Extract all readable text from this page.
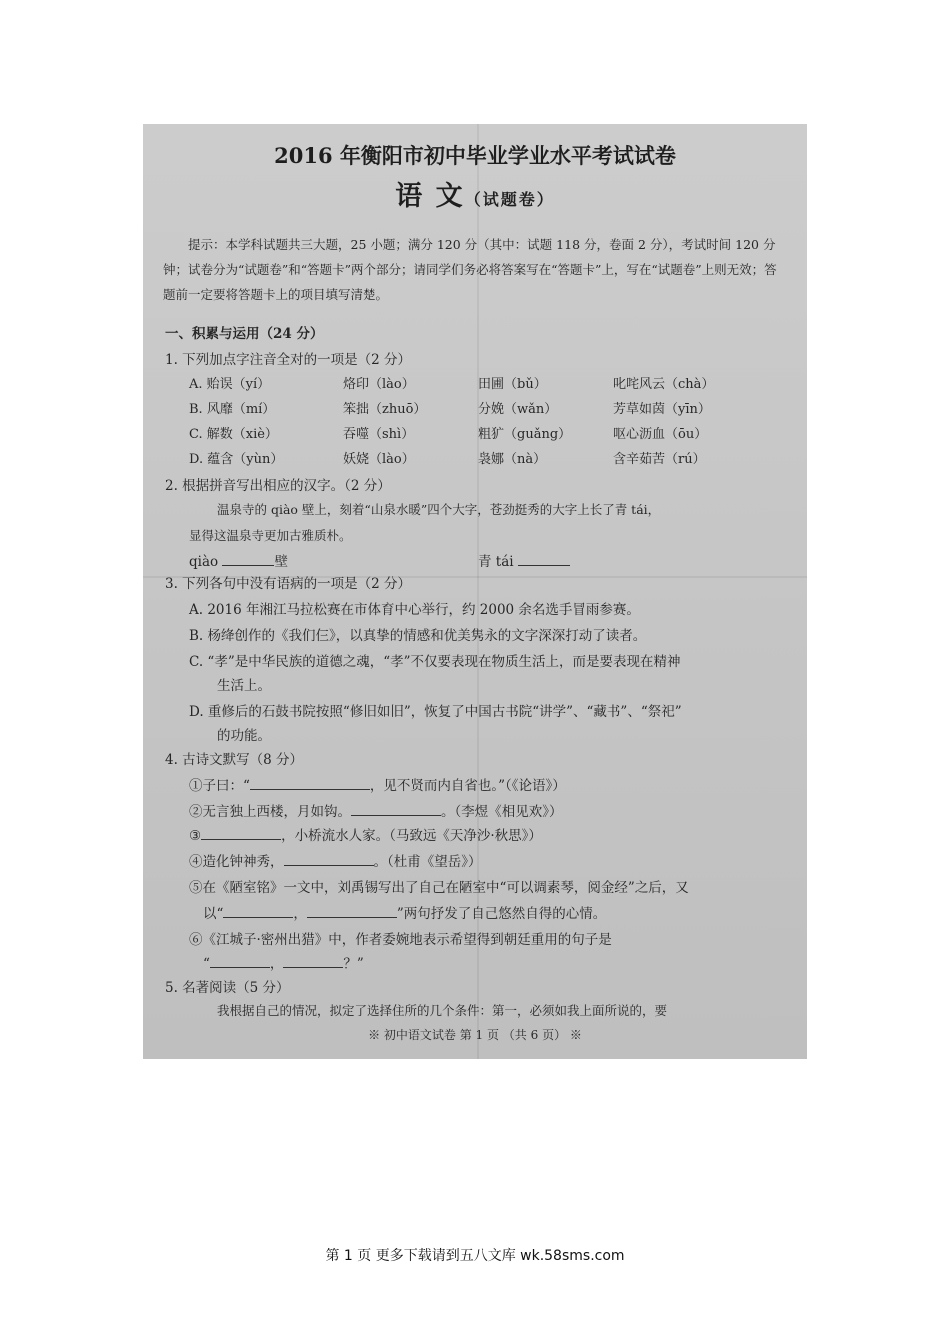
2016 年衡阳市初中毕业学业水平考试试卷
语 文（试题卷）
提示：本学科试题共三大题，25 小题；满分 120 分（其中：试题 118 分，卷面 2 分），考试时间 120 分钟；试卷分为“试题卷”和“答题卡”两个部分；请同学们务必将答案写在“答题卡”上，写在“试题卷”上则无效；答题前一定要将答题卡上的项目填写清楚。
一、积累与运用（24 分）
1. 下列加点字注音全对的一项是（2 分）
A. 贻误（yí）	烙印（lào）	田圃（bǔ）	叱咤风云（chà）
B. 风靡（mí）	笨拙（zhuō）	分娩（wǎn）	芳草如茵（yīn）
C. 解数（xiè）	吞噬（shì）	粗犷（guǎng）	呕心沥血（ōu）
D. 蕴含（yùn）	妖娆（lào）	袅娜（nà）	含辛茹苦（rú）
2. 根据拼音写出相应的汉字。（2 分）
温泉寺的 qiào 壁上，刻着“山泉水暖”四个大字，苍劲挺秀的大字上长了青 tái，
显得这温泉寺更加古雅质朴。
qiào	壁	青 tái
3. 下列各句中没有语病的一项是（2 分）
A. 2016 年湘江马拉松赛在市体育中心举行，约 2000 余名选手冒雨参赛。
B. 杨绛创作的《我们仨》，以真挚的情感和优美隽永的文字深深打动了读者。
C. “孝”是中华民族的道德之魂，“孝”不仅要表现在物质生活上，而是要表现在精神
生活上。
D. 重修后的石鼓书院按照“修旧如旧”，恢复了中国古书院“讲学”、“藏书”、“祭祀”
的功能。
4. 古诗文默写（8 分）
①子曰：“	，见不贤而内自省也。”（《论语》）
②无言独上西楼，月如钩。	。（李煜《相见欢》）
③	，小桥流水人家。（马致远《天净沙·秋思》）
④造化钟神秀，	。（杜甫《望岳》）
⑤在《陋室铭》一文中，刘禹锡写出了自己在陋室中“可以调素琴，阅金经”之后，又
以“	，	”两句抒发了自己悠然自得的心情。
⑥《江城子·密州出猎》中，作者委婉地表示希望得到朝廷重用的句子是
“	，	？”
5. 名著阅读（5 分）
我根据自己的情况，拟定了选择住所的几个条件：第一，必须如我上面所说的，要
※ 初中语文试卷 第 1 页 （共 6 页） ※
第 1 页 更多下载请到五八文库 wk.58sms.com
